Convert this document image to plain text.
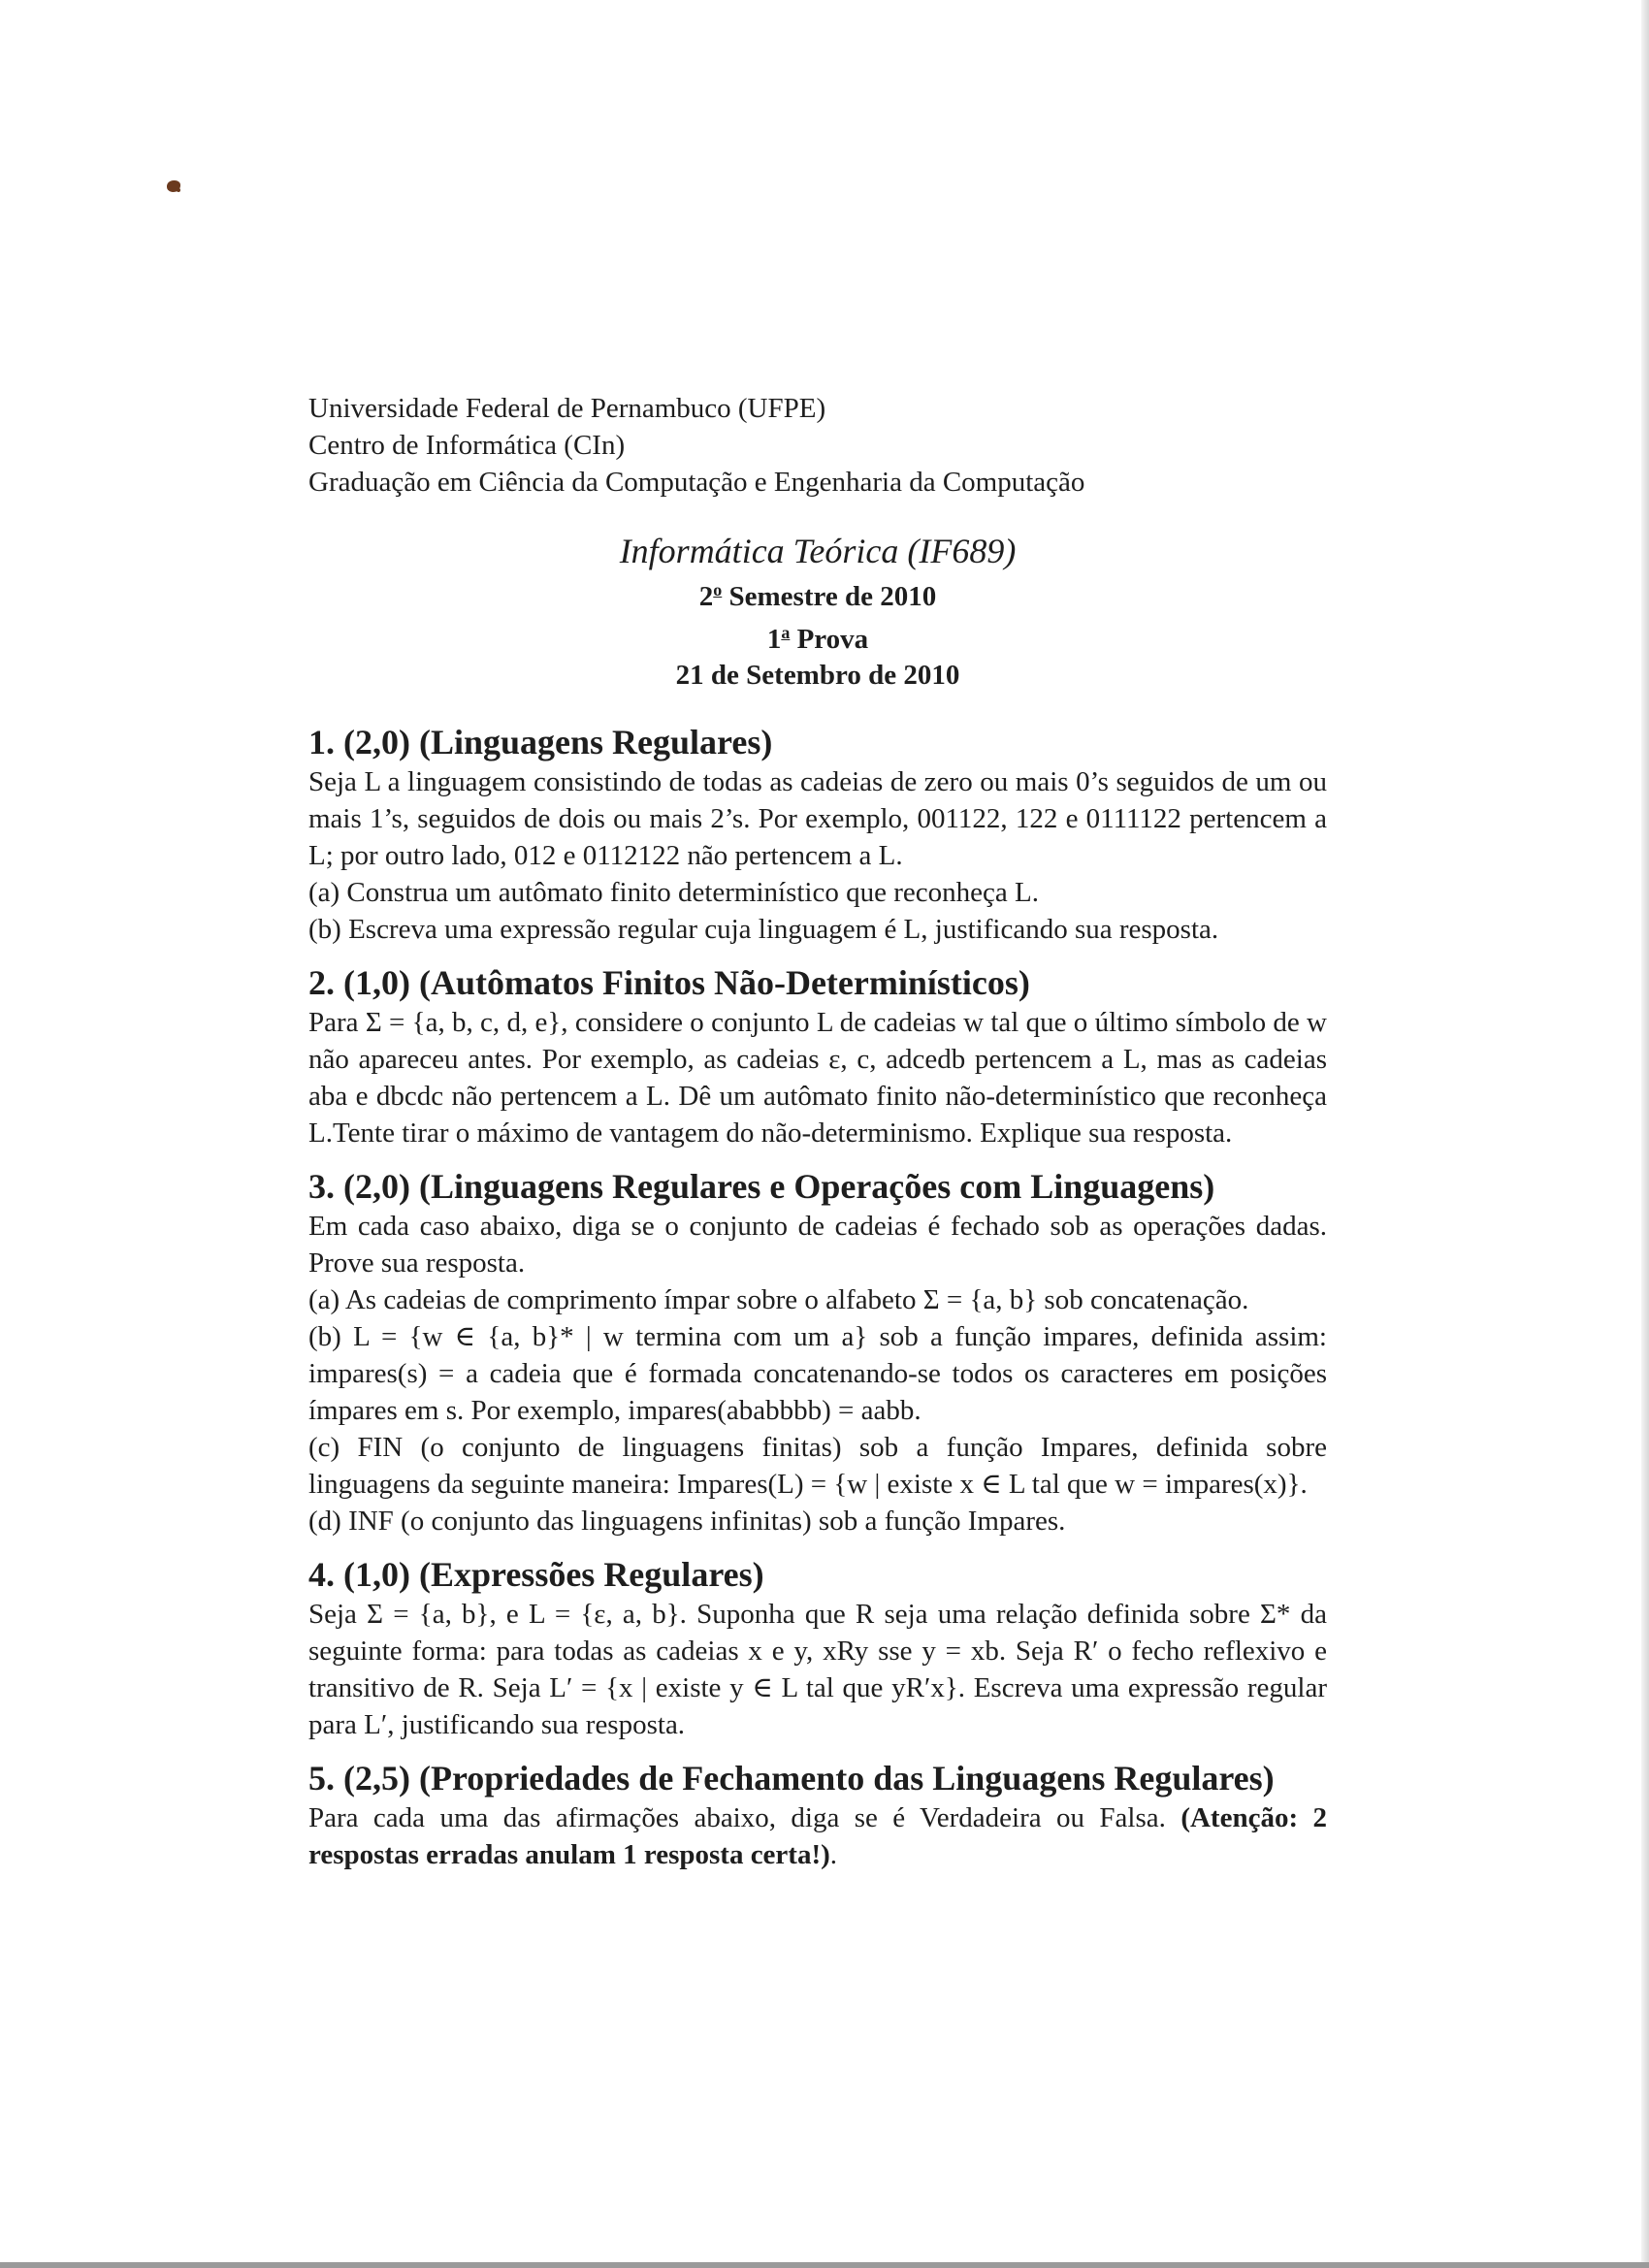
Universidade Federal de Pernambuco (UFPE)

Centro de Informática (CIn)

Graduação em Ciência da Computação e Engenharia da Computação

Informática Teórica (IF689)
2$^o$ Semestre de 2010
1$^a$ Prova
21 de Setembro de 2010
1. (2,0) (Linguagens Regulares)

Seja L a linguagem consistindo de todas as cadeias de zero ou mais 0’s seguidos de um ou mais 1’s, seguidos de dois ou mais 2’s. Por exemplo, 001122, 122 e 0111122 pertencem a L; por outro lado, 012 e 0112122 não pertencem a L.

(a) Construa um autômato finito determinístico que reconheça L.

(b) Escreva uma expressão regular cuja linguagem é L, justificando sua resposta.

2. (1,0) (Autômatos Finitos Não-Determinísticos)

Para Σ = {a, b, c, d, e}, considere o conjunto L de cadeias w tal que o último símbolo de w não apareceu antes. Por exemplo, as cadeias ε, c, adcedb pertencem a L, mas as cadeias aba e dbcdc não pertencem a L. Dê um autômato finito não-determinístico que reconheça L.Tente tirar o máximo de vantagem do não-determinismo. Explique sua resposta.

3. (2,0) (Linguagens Regulares e Operações com Linguagens)

Em cada caso abaixo, diga se o conjunto de cadeias é fechado sob as operações dadas. Prove sua resposta.

(a) As cadeias de comprimento ímpar sobre o alfabeto Σ = {a, b} sob concatenação.

(b) L = {w ∈ {a, b}* | w termina com um a} sob a função impares, definida assim: impares(s) = a cadeia que é formada concatenando-se todos os caracteres em posições ímpares em s. Por exemplo, impares(ababbbb) = aabb.

(c) FIN (o conjunto de linguagens finitas) sob a função Impares, definida sobre linguagens da seguinte maneira: Impares(L) = {w | existe x ∈ L tal que w = impares(x)}.

(d) INF (o conjunto das linguagens infinitas) sob a função Impares.

4. (1,0) (Expressões Regulares)

Seja Σ = {a, b}, e L = {ε, a, b}. Suponha que R seja uma relação definida sobre Σ* da seguinte forma: para todas as cadeias x e y, xRy sse y = xb. Seja R′ o fecho reflexivo e transitivo de R. Seja L′ = {x | existe y ∈ L tal que yR′x}. Escreva uma expressão regular para L′, justificando sua resposta.

5. (2,5) (Propriedades de Fechamento das Linguagens Regulares)

Para cada uma das afirmações abaixo, diga se é Verdadeira ou Falsa. (Atenção: 2 respostas erradas anulam 1 resposta certa!).
